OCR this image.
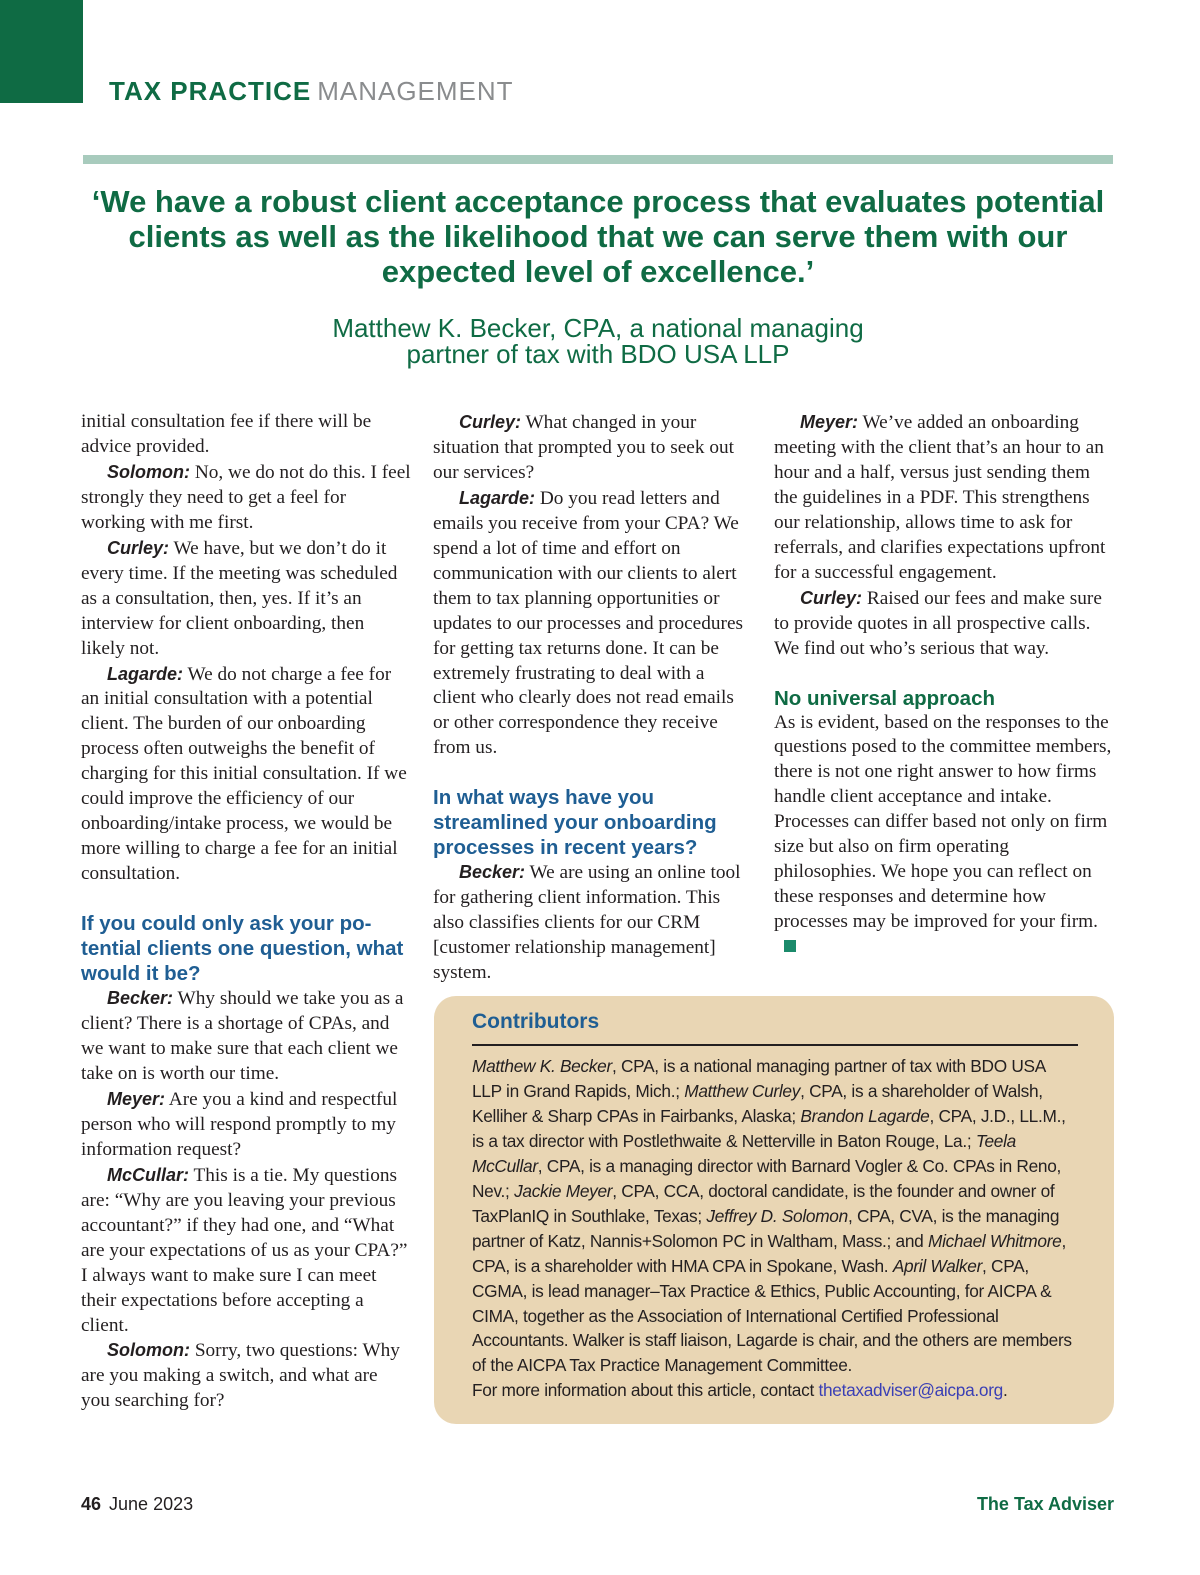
TAX PRACTICE MANAGEMENT
‘We have a robust client acceptance process that evaluates potential clients as well as the likelihood that we can serve them with our expected level of excellence.’
Matthew K. Becker, CPA, a national managing
partner of tax with BDO USA LLP

initial consultation fee if there will be advice provided.

Solomon: No, we do not do this. I feel strongly they need to get a feel for working with me first.

Curley: We have, but we don’t do it every time. If the meeting was scheduled as a consultation, then, yes. If it’s an interview for client onboarding, then likely not.

Lagarde: We do not charge a fee for an initial consultation with a potential client. The burden of our onboarding process often outweighs the benefit of charging for this initial consultation. If we could improve the efficiency of our onboarding/intake process, we would be more willing to charge a fee for an initial consultation.

If you could only ask your potential clients one question, what would it be?

Becker: Why should we take you as a client? There is a shortage of CPAs, and we want to make sure that each client we take on is worth our time.

Meyer: Are you a kind and respectful person who will respond promptly to my information request?

McCullar: This is a tie. My questions are: “Why are you leaving your previous accountant?” if they had one, and “What are your expectations of us as your CPA?” I always want to make sure I can meet their expectations before accepting a client.

Solomon: Sorry, two questions: Why are you making a switch, and what are you searching for?

Curley: What changed in your situation that prompted you to seek out our services?

Lagarde: Do you read letters and emails you receive from your CPA? We spend a lot of time and effort on communication with our clients to alert them to tax planning opportunities or updates to our processes and procedures for getting tax returns done. It can be extremely frustrating to deal with a client who clearly does not read emails or other correspondence they receive from us.

In what ways have you streamlined your onboarding processes in recent years?

Becker: We are using an online tool for gathering client information. This also classifies clients for our CRM [customer relationship management] system.

Meyer: We’ve added an onboarding meeting with the client that’s an hour to an hour and a half, versus just sending them the guidelines in a PDF. This strengthens our relationship, allows time to ask for referrals, and clarifies expectations upfront for a successful engagement.

Curley: Raised our fees and make sure to provide quotes in all prospective calls. We find out who’s serious that way.

No universal approach

As is evident, based on the responses to the questions posed to the committee members, there is not one right answer to how firms handle client acceptance and intake. Processes can differ based not only on firm size but also on firm operating philosophies. We hope you can reflect on these responses and determine how processes may be improved for your firm.

Contributors

Matthew K. Becker, CPA, is a national managing partner of tax with BDO USA LLP in Grand Rapids, Mich.; Matthew Curley, CPA, is a shareholder of Walsh, Kelliher & Sharp CPAs in Fairbanks, Alaska; Brandon Lagarde, CPA, J.D., LL.M., is a tax director with Postlethwaite & Netterville in Baton Rouge, La.; Teela McCullar, CPA, is a managing director with Barnard Vogler & Co. CPAs in Reno, Nev.; Jackie Meyer, CPA, CCA, doctoral candidate, is the founder and owner of TaxPlanIQ in Southlake, Texas; Jeffrey D. Solomon, CPA, CVA, is the managing partner of Katz, Nannis+Solomon PC in Waltham, Mass.; and Michael Whitmore, CPA, is a shareholder with HMA CPA in Spokane, Wash. April Walker, CPA, CGMA, is lead manager–Tax Practice & Ethics, Public Accounting, for AICPA & CIMA, together as the Association of International Certified Professional Accountants. Walker is staff liaison, Lagarde is chair, and the others are members of the AICPA Tax Practice Management Committee.

For more information about this article, contact thetaxadviser@aicpa.org.

46 June 2023	The Tax Adviser
